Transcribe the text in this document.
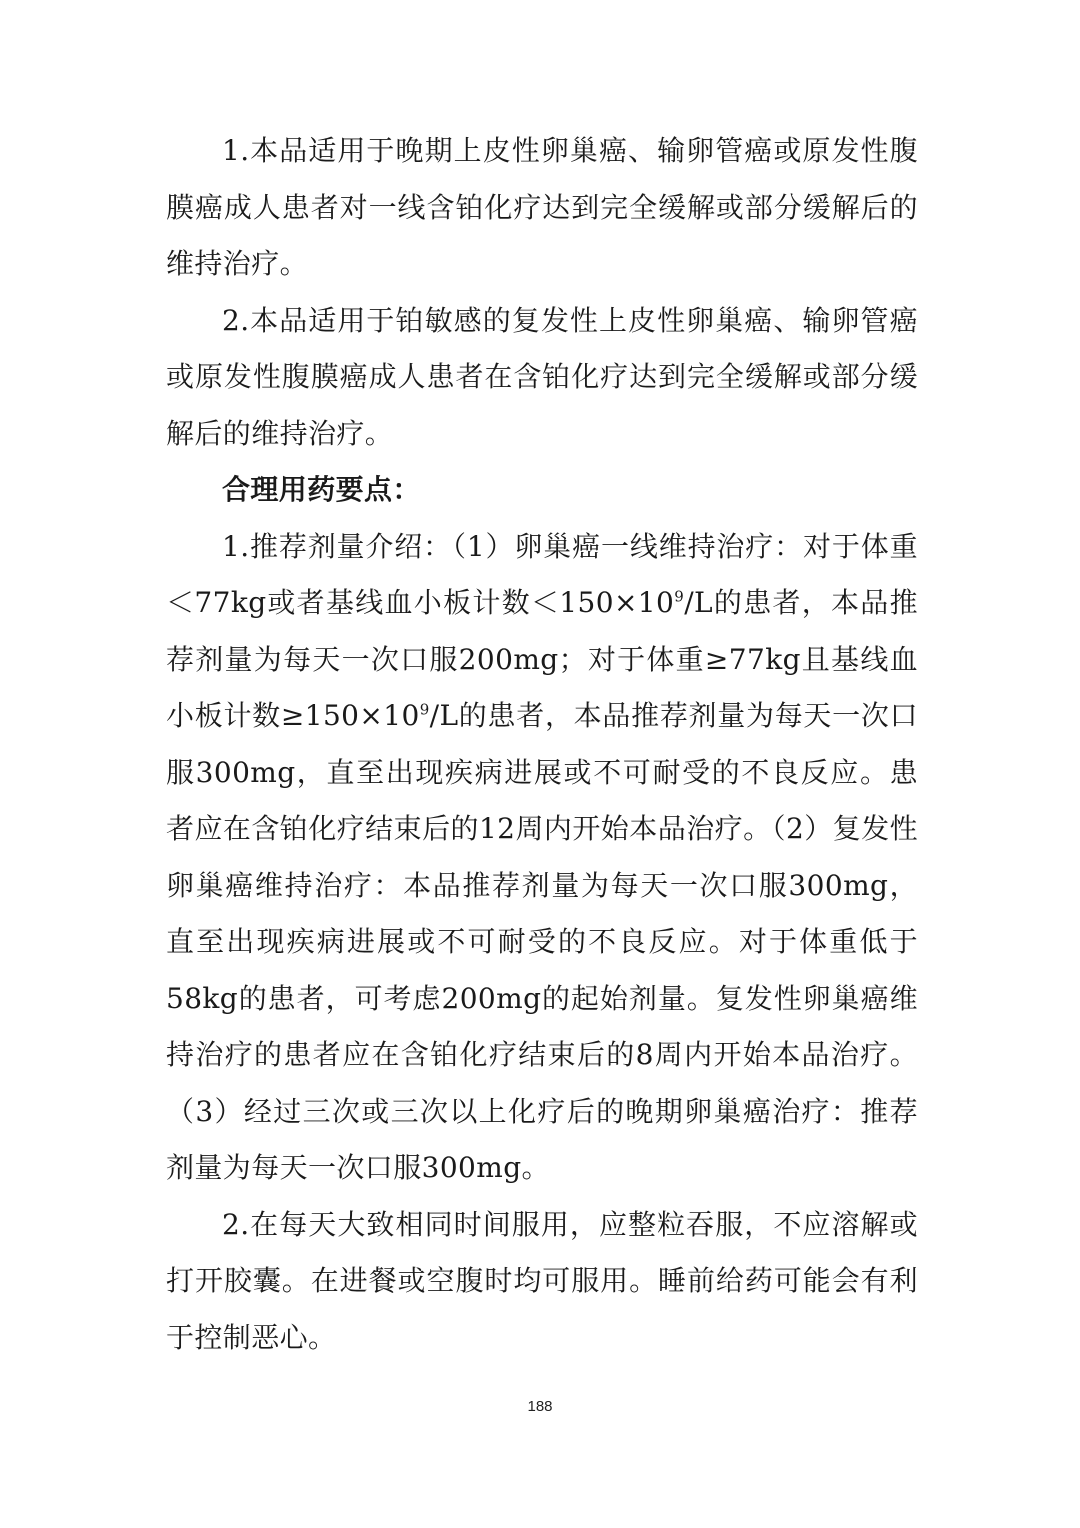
1.本品适用于晚期上皮性卵巢癌、输卵管癌或原发性腹膜癌成人患者对一线含铂化疗达到完全缓解或部分缓解后的维持治疗。

2.本品适用于铂敏感的复发性上皮性卵巢癌、输卵管癌或原发性腹膜癌成人患者在含铂化疗达到完全缓解或部分缓解后的维持治疗。

合理用药要点：

1.推荐剂量介绍：（1）卵巢癌一线维持治疗：对于体重＜77kg或者基线血小板计数$<150\times 10^9/L$的患者，本品推荐剂量为每天一次口服200mg；对于体重≥77kg且基线血小板计数$\ge 150\times 10^9/L$的患者，本品推荐剂量为每天一次口服300mg，直至出现疾病进展或不可耐受的不良反应。患者应在含铂化疗结束后的12周内开始本品治疗。（2）复发性卵巢癌维持治疗：本品推荐剂量为每天一次口服300mg，直至出现疾病进展或不可耐受的不良反应。对于体重低于58kg的患者，可考虑200mg的起始剂量。复发性卵巢癌维持治疗的患者应在含铂化疗结束后的8周内开始本品治疗。（3）经过三次或三次以上化疗后的晚期卵巢癌治疗：推荐剂量为每天一次口服300mg。

2.在每天大致相同时间服用，应整粒吞服，不应溶解或打开胶囊。在进餐或空腹时均可服用。睡前给药可能会有利于控制恶心。

188
